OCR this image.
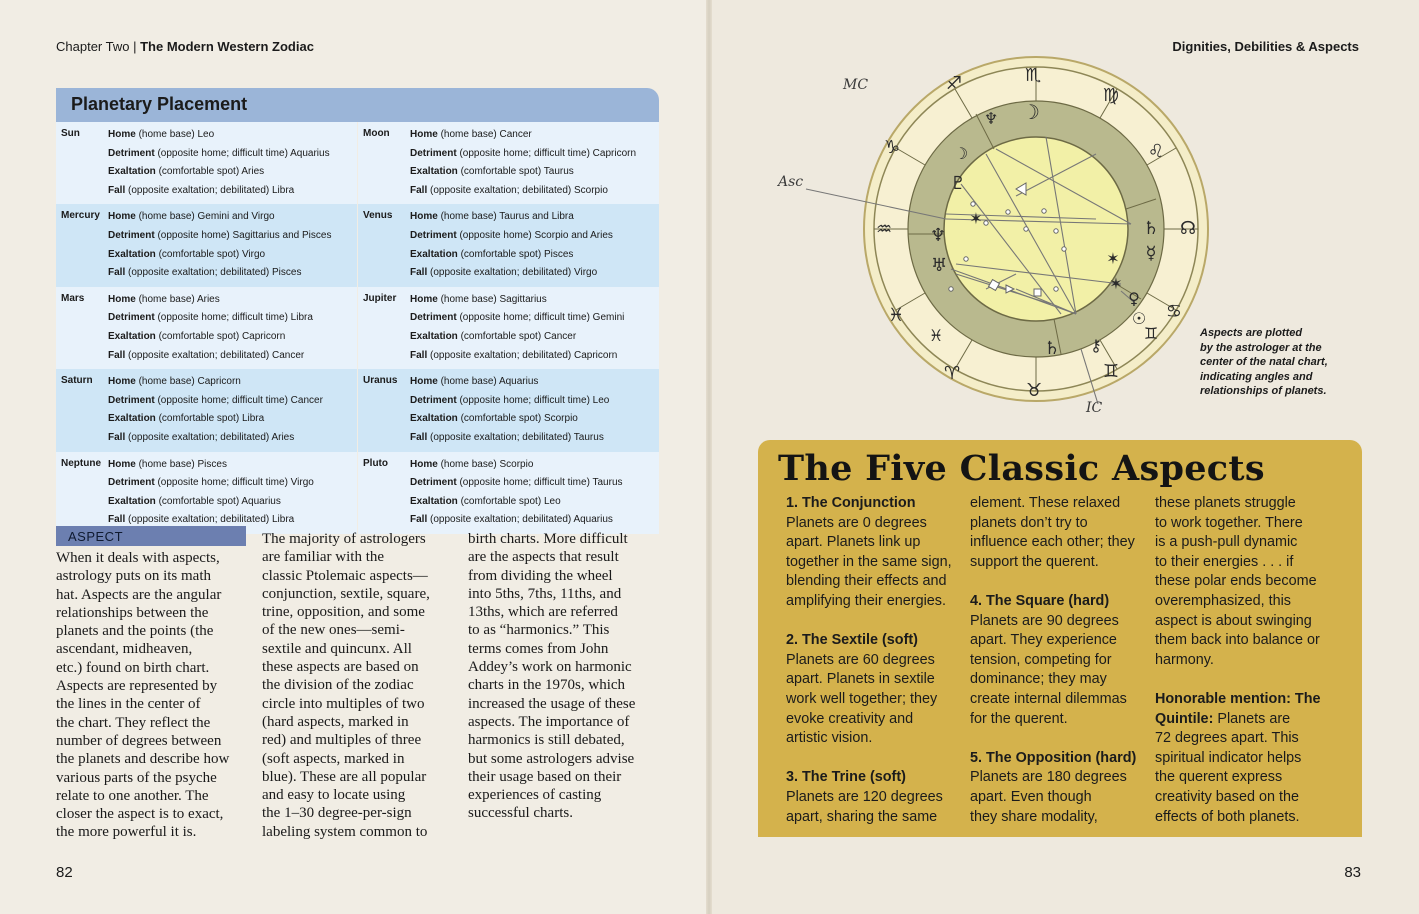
Chapter Two | The Modern Western Zodiac	Dignities, Debilities & Aspects
Planetary Placement
Sun	Home (home base) Leo
Detriment (opposite home; difficult time) Aquarius
Exaltation (comfortable spot) Aries
Fall (opposite exaltation; debilitated) Libra
Moon Home (home base) Cancer
Detriment (opposite home; difficult time) Capricorn
Exaltation (comfortable spot) Taurus
Fall (opposite exaltation; debilitated) Scorpio
Mercury Home (home base) Gemini and Virgo
Detriment (opposite home) Sagittarius and Pisces
Exaltation (comfortable spot) Virgo
Fall (opposite exaltation; debilitated) Pisces
Venus Home (home base) Taurus and Libra
Detriment (opposite home) Scorpio and Aries
Exaltation (comfortable spot) Pisces
Fall (opposite exaltation; debilitated) Virgo
Mars Home (home base) Aries
Detriment (opposite home; difficult time) Libra
Exaltation (comfortable spot) Capricorn
Fall (opposite exaltation; debilitated) Cancer
Jupiter Home (home base) Sagittarius
Detriment (opposite home; difficult time) Gemini
Exaltation (comfortable spot) Cancer
Fall (opposite exaltation; debilitated) Capricorn
Saturn Home (home base) Capricorn
Detriment (opposite home; difficult time) Cancer
Exaltation (comfortable spot) Libra
Fall (opposite exaltation; debilitated) Aries
Uranus Home (home base) Aquarius
Detriment (opposite home; difficult time) Leo
Exaltation (comfortable spot) Scorpio
Fall (opposite exaltation; debilitated) Taurus
Neptune Home (home base) Pisces
Detriment (opposite home; difficult time) Virgo
Exaltation (comfortable spot) Aquarius
Fall (opposite exaltation; debilitated) Libra
Pluto Home (home base) Scorpio
Detriment (opposite home; difficult time) Taurus
Exaltation (comfortable spot) Leo
Fall (opposite exaltation; debilitated) Aquarius
ASPECT
When it deals with aspects,
astrology puts on its math
hat. Aspects are the angular
relationships between the
planets and the points (the
ascendant, midheaven,
etc.) found on birth chart.
Aspects are represented by
the lines in the center of
the chart. They reflect the
number of degrees between
the planets and describe how
various parts of the psyche
relate to one another. The
closer the aspect is to exact,
the more powerful it is.
The majority of astrologers
are familiar with the
classic Ptolemaic aspects—
conjunction, sextile, square,
trine, opposition, and some
of the new ones—semi-
sextile and quincunx. All
these aspects are based on
the division of the zodiac
circle into multiples of two
(hard aspects, marked in
red) and multiples of three
(soft aspects, marked in
blue). These are all popular
and easy to locate using
the 1–30 degree-per-sign
labeling system common to
birth charts. More difficult
are the aspects that result
from dividing the wheel
into 5ths, 7ths, 11ths, and
13ths, which are referred
to as “harmonics.” This
terms comes from John
Addey’s work on harmonic
charts in the 1970s, which
increased the usage of these
aspects. The importance of
harmonics is still debated,
but some astrologers advise
their usage based on their
experiences of casting
successful charts.
♏
♍
♌
☊
♋
♊
♉
♈
♓
♒
♑
♐
♆ ☽
♇
☽
♆
♅
♓
✶	♄
☿
♀
♊
✶
✶
☉
♄ ⚷
MC
Asc
IC
Aspects are plotted
by the astrologer at the
center of the natal chart,
indicating angles and
relationships of planets.
The Five Classic Aspects
1. The Conjunction
Planets are 0 degrees
apart. Planets link up
together in the same sign,
blending their effects and
amplifying their energies.
2. The Sextile (soft)
Planets are 60 degrees
apart. Planets in sextile
work well together; they
evoke creativity and
artistic vision.
3. The Trine (soft)
Planets are 120 degrees
apart, sharing the same
element. These relaxed
planets don’t try to
influence each other; they
support the querent.
4. The Square (hard)
Planets are 90 degrees
apart. They experience
tension, competing for
dominance; they may
create internal dilemmas
for the querent.
5. The Opposition (hard)
Planets are 180 degrees
apart. Even though
they share modality,
these planets struggle
to work together. There
is a push-pull dynamic
to their energies . . . if
these polar ends become
overemphasized, this
aspect is about swinging
them back into balance or
harmony.
Honorable mention: The
Quintile: Planets are
72 degrees apart. This
spiritual indicator helps
the querent express
creativity based on the
effects of both planets.
82	83
